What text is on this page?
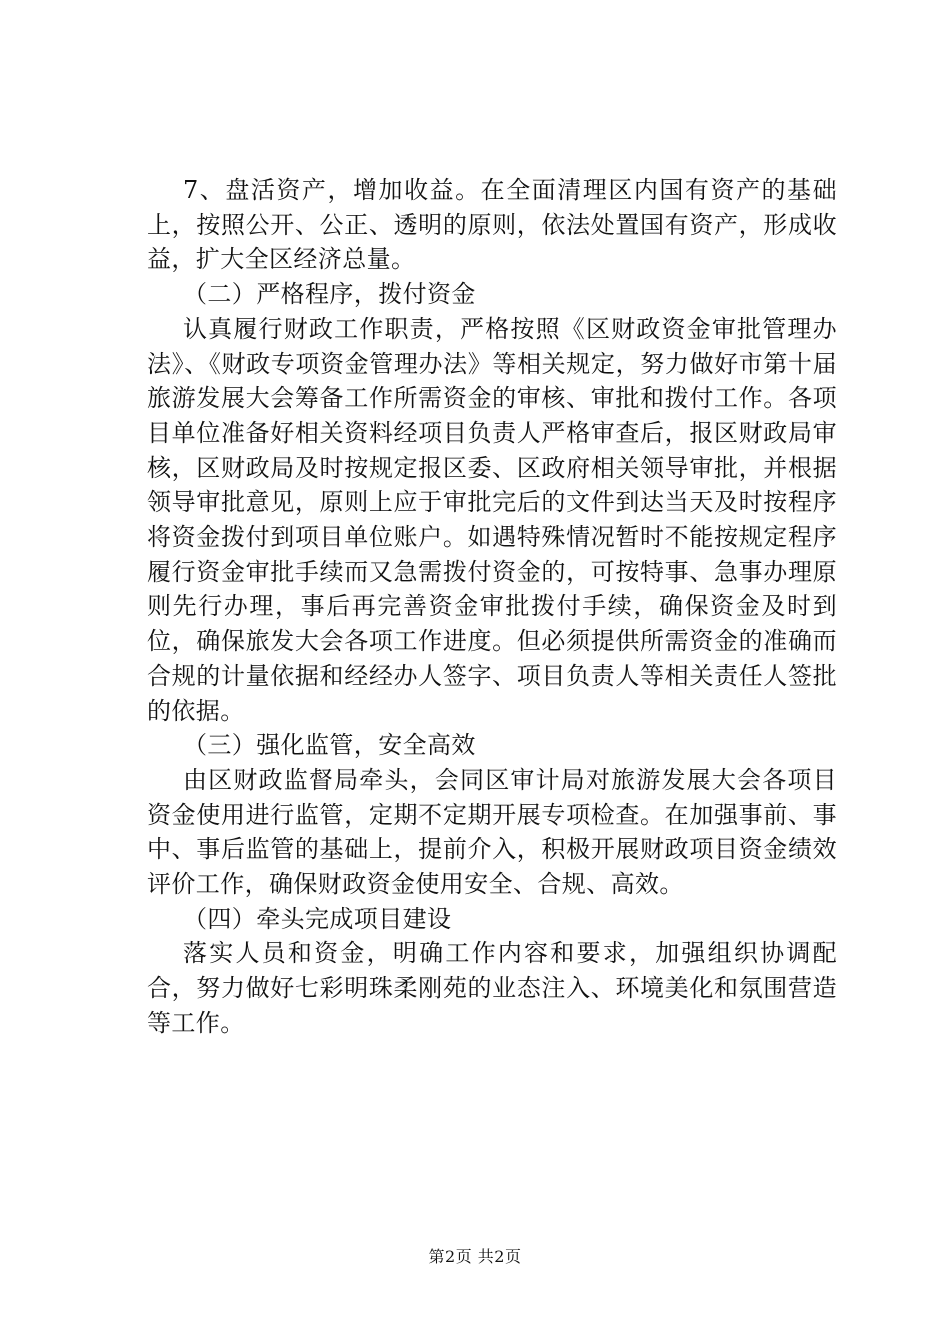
7、盘活资产，增加收益。在全面清理区内国有资产的基础上，按照公开、公正、透明的原则，依法处置国有资产，形成收益，扩大全区经济总量。

（二）严格程序，拨付资金

认真履行财政工作职责，严格按照《区财政资金审批管理办法》、《财政专项资金管理办法》等相关规定，努力做好市第十届旅游发展大会筹备工作所需资金的审核、审批和拨付工作。各项目单位准备好相关资料经项目负责人严格审查后，报区财政局审核，区财政局及时按规定报区委、区政府相关领导审批，并根据领导审批意见，原则上应于审批完后的文件到达当天及时按程序将资金拨付到项目单位账户。如遇特殊情况暂时不能按规定程序履行资金审批手续而又急需拨付资金的，可按特事、急事办理原则先行办理，事后再完善资金审批拨付手续，确保资金及时到位，确保旅发大会各项工作进度。但必须提供所需资金的准确而合规的计量依据和经经办人签字、项目负责人等相关责任人签批的依据。

（三）强化监管，安全高效

由区财政监督局牵头，会同区审计局对旅游发展大会各项目资金使用进行监管，定期不定期开展专项检查。在加强事前、事中、事后监管的基础上，提前介入，积极开展财政项目资金绩效评价工作，确保财政资金使用安全、合规、高效。

（四）牵头完成项目建设

落实人员和资金，明确工作内容和要求，加强组织协调配合，努力做好七彩明珠柔刚苑的业态注入、环境美化和氛围营造等工作。

第2页 共2页
